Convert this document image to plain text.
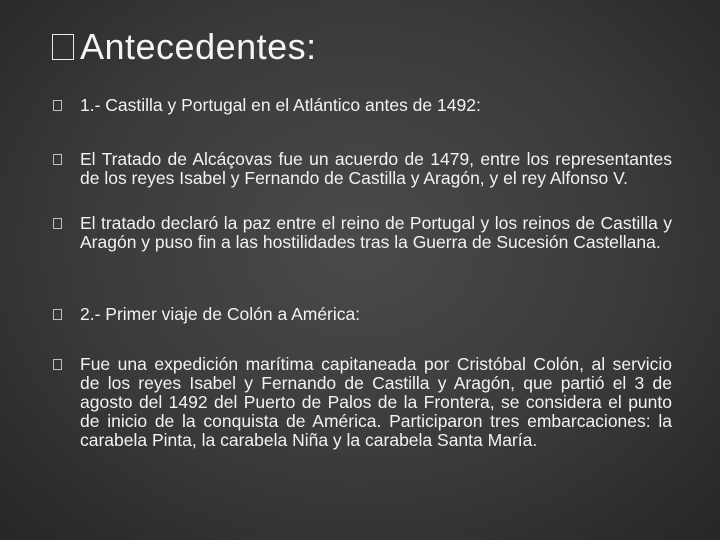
Antecedentes:
1.- Castilla y Portugal en el Atlántico antes de 1492:
El Tratado de Alcáçovas fue un acuerdo de 1479, entre los representantes de los reyes Isabel y Fernando de Castilla y Aragón, y el rey Alfonso V.
El tratado declaró la paz entre el reino de Portugal y los reinos de Castilla y Aragón y puso fin a las hostilidades tras la Guerra de Sucesión Castellana.
2.- Primer viaje de Colón a América:
Fue una expedición marítima capitaneada por Cristóbal Colón, al servicio de los reyes Isabel y Fernando de Castilla y Aragón, que partió el 3 de agosto del 1492 del Puerto de Palos de la Frontera, se considera el punto de inicio de la conquista de América. Participaron tres embarcaciones: la carabela Pinta, la carabela Niña y la carabela Santa María.
